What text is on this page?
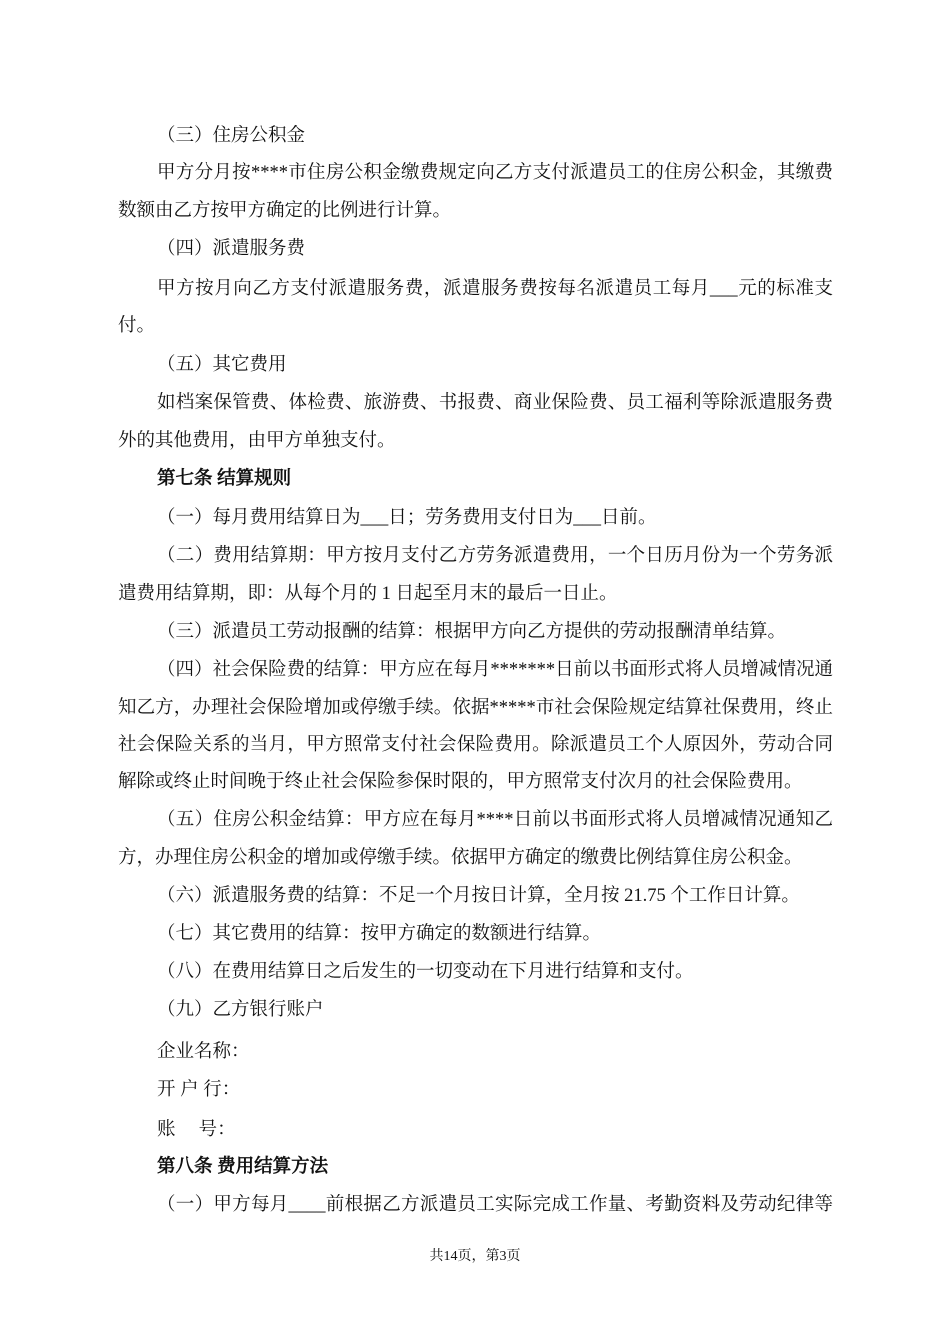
（三）住房公积金
甲方分月按****市住房公积金缴费规定向乙方支付派遣员工的住房公积金，其缴费
数额由乙方按甲方确定的比例进行计算。
（四）派遣服务费
甲方按月向乙方支付派遣服务费，派遣服务费按每名派遣员工每月___元的标准支
付。
（五）其它费用
如档案保管费、体检费、旅游费、书报费、商业保险费、员工福利等除派遣服务费
外的其他费用，由甲方单独支付。
第七条 结算规则
（一）每月费用结算日为___日；劳务费用支付日为___日前。
（二）费用结算期：甲方按月支付乙方劳务派遣费用，一个日历月份为一个劳务派
遣费用结算期，即：从每个月的 1 日起至月末的最后一日止。
（三）派遣员工劳动报酬的结算：根据甲方向乙方提供的劳动报酬清单结算。
（四）社会保险费的结算：甲方应在每月*******日前以书面形式将人员增减情况通
知乙方，办理社会保险增加或停缴手续。依据*****市社会保险规定结算社保费用，终止
社会保险关系的当月，甲方照常支付社会保险费用。除派遣员工个人原因外，劳动合同
解除或终止时间晚于终止社会保险参保时限的，甲方照常支付次月的社会保险费用。
（五）住房公积金结算：甲方应在每月****日前以书面形式将人员增减情况通知乙
方，办理住房公积金的增加或停缴手续。依据甲方确定的缴费比例结算住房公积金。
（六）派遣服务费的结算：不足一个月按日计算，全月按 21.75 个工作日计算。
（七）其它费用的结算：按甲方确定的数额进行结算。
（八）在费用结算日之后发生的一切变动在下月进行结算和支付。
（九）乙方银行账户
企业名称：
开 户 行：
账　 号：
第八条 费用结算方法
（一）甲方每月____前根据乙方派遣员工实际完成工作量、考勤资料及劳动纪律等
共14页，第3页
